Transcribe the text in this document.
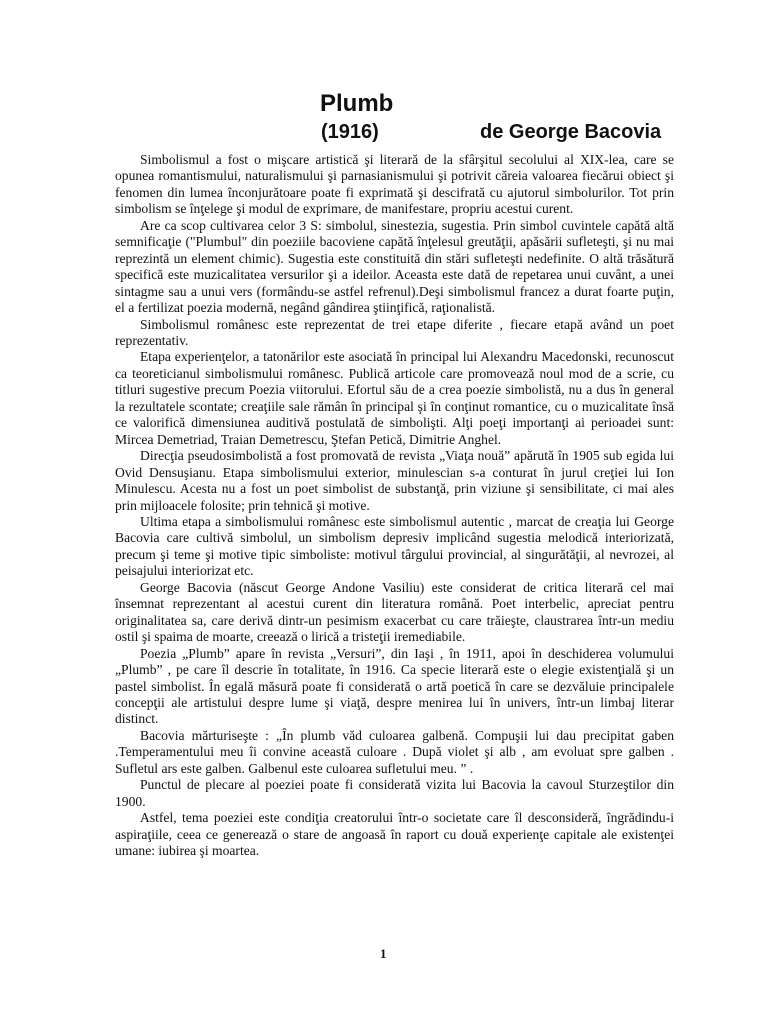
Plumb
(1916)	de George Bacovia

Simbolismul a fost o mişcare artistică şi literară de la sfârşitul secolului al XIX-lea, care se opunea romantismului, naturalismului şi parnasianismului şi potrivit căreia valoarea fiecărui obiect şi fenomen din lumea înconjurătoare poate fi exprimată şi descifrată cu ajutorul simbolurilor. Tot prin simbolism se înţelege şi modul de exprimare, de manifestare, propriu acestui curent.

Are ca scop cultivarea celor 3 S: simbolul, sinestezia, sugestia. Prin simbol cuvintele capătă altă semnificaţie ("Plumbul" din poeziile bacoviene capătă înţelesul greutăţii, apăsării sufleteşti, şi nu mai reprezintă un element chimic). Sugestia este constituită din stări sufleteşti nedefinite. O altă trăsătură specifică este muzicalitatea versurilor şi a ideilor. Aceasta este dată de repetarea unui cuvânt, a unei sintagme sau a unui vers (formându-se astfel refrenul).Deşi simbolismul francez a durat foarte puţin, el a fertilizat poezia modernă, negând gândirea ştiinţifică, raţionalistă.

Simbolismul românesc este reprezentat de trei etape diferite , fiecare etapă având un poet reprezentativ.

Etapa experienţelor, a tatonărilor este asociată în principal lui Alexandru Macedonski, recunoscut ca teoreticianul simbolismului românesc. Publică articole care promovează noul mod de a scrie, cu titluri sugestive precum Poezia viitorului. Efortul său de a crea poezie simbolistă, nu a dus în general la rezultatele scontate; creaţiile sale rămân în principal şi în conţinut romantice, cu o muzicalitate însă ce valorifică dimensiunea auditivă postulată de simbolişti. Alţi poeţi importanţi ai perioadei sunt: Mircea Demetriad, Traian Demetrescu, Ştefan Petică, Dimitrie Anghel.

Direcţia pseudosimbolistă a fost promovată de revista „Viaţa nouă” apărută în 1905 sub egida lui Ovid Densuşianu. Etapa simbolismului exterior, minulescian s-a conturat în jurul creţiei lui Ion Minulescu. Acesta nu a fost un poet simbolist de substanţă, prin viziune şi sensibilitate, ci mai ales prin mijloacele folosite; prin tehnică şi motive.

Ultima etapa a simbolismului românesc este simbolismul autentic , marcat de creaţia lui George Bacovia care cultivă simbolul, un simbolism depresiv implicând sugestia melodică interiorizată, precum şi teme şi motive tipic simboliste: motivul târgului provincial, al singurătăţii, al nevrozei, al peisajului interiorizat etc.

George Bacovia (născut George Andone Vasiliu) este considerat de critica literară cel mai însemnat reprezentant al acestui curent din literatura română. Poet interbelic, apreciat pentru originalitatea sa, care derivă dintr-un pesimism exacerbat cu care trăieşte, claustrarea într-un mediu ostil şi spaima de moarte, creează o lirică a tristeţii iremediabile.

Poezia „Plumb” apare în revista „Versuri”, din Iaşi , în 1911, apoi în deschiderea volumului „Plumb” , pe care îl descrie în totalitate, în 1916. Ca specie literară este o elegie existenţială şi un pastel simbolist. În egală măsură poate fi considerată o artă poetică în care se dezvăluie principalele concepţii ale artistului despre lume şi viaţă, despre menirea lui în univers, într-un limbaj literar distinct.

Bacovia mărturiseşte : „În plumb văd culoarea galbenă. Compuşii lui dau precipitat gaben .Temperamentului meu îi convine această culoare . După violet şi alb , am evoluat spre galben . Sufletul ars este galben. Galbenul este culoarea sufletului meu. ” .

Punctul de plecare al poeziei poate fi considerată vizita lui Bacovia la cavoul Sturzeştilor din 1900.

Astfel, tema poeziei este condiţia creatorului într-o societate care îl desconsideră, îngrădindu-i aspiraţiile, ceea ce generează o stare de angoasă în raport cu două experienţe capitale ale existenţei umane: iubirea şi moartea.

1
